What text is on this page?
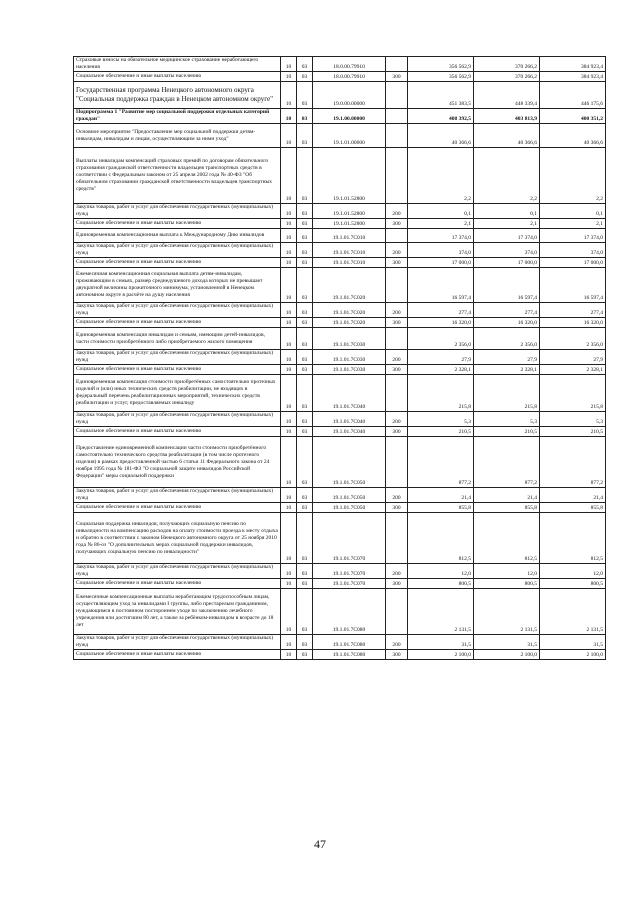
Страховые взносы на обязательное медицинское страхование неработающего населения	10	03	18.0.00.79910		356 562,9	370 266,2	384 923,4
Социальное обеспечение и иные выплаты населению	10	03	18.0.00.79910	300	356 562,9	370 266,2	384 923,4
Государственная программа Ненецкого автономного округа "Социальная поддержка граждан в Ненецком автономном округе"	10	03	19.0.00.00000		451 383,5	448 339,4	446 175,6
Подпрограмма 1 "Развитие мер социальной поддержки отдельных категорий граждан"	10	03	19.1.00.00000		408 392,5	403 813,9	400 351,2
Основное мероприятие "Предоставление мер социальной поддержки детям-инвалидам, инвалидам и лицам, осуществляющим за ними уход"	10	03	19.1.01.00000		40 366,6	40 366,6	40 366,6
Выплаты инвалидам компенсаций страховых премий по договорам обязательного страхования гражданской ответственности владельцев транспортных средств в соответствии с Федеральным законом от 25 апреля 2002 года № 40-ФЗ "Об обязательном страховании гражданской ответственности владельцев транспортных средств"	10	03	19.1.01.52800		2,2	2,2	2,2
Закупка товаров, работ и услуг для обеспечения государственных (муниципальных) нужд	10	03	19.1.01.52800	200	0,1	0,1	0,1
Социальное обеспечение и иные выплаты населению	10	03	19.1.01.52800	300	2,1	2,1	2,1
Единовременная компенсационная выплата к Международному Дню инвалидов	10	03	19.1.01.7C010		17 374,0	17 374,0	17 374,0
Закупка товаров, работ и услуг для обеспечения государственных (муниципальных) нужд	10	03	19.1.01.7C010	200	374,0	374,0	374,0
Социальное обеспечение и иные выплаты населению	10	03	19.1.01.7C010	300	17 000,0	17 000,0	17 000,0
Ежемесячная компенсационная социальная выплата детям-инвалидам, проживающим в семьях, размер среднедушевого дохода которых не превышает двукратной величины прожиточного минимума, установленной в Ненецком автономном округе в расчёте на душу населения	10	03	19.1.01.7C020		16 597,4	16 597,4	16 597,4
Закупка товаров, работ и услуг для обеспечения государственных (муниципальных) нужд	10	03	19.1.01.7C020	200	277,4	277,4	277,4
Социальное обеспечение и иные выплаты населению	10	03	19.1.01.7C020	300	16 320,0	16 320,0	16 320,0
Единовременная компенсация инвалидам и семьям, имеющим детей-инвалидов, части стоимости приобретённого либо приобретаемого жилого помещения	10	03	19.1.01.7C030		2 356,0	2 356,0	2 356,0
Закупка товаров, работ и услуг для обеспечения государственных (муниципальных) нужд	10	03	19.1.01.7C030	200	27,9	27,9	27,9
Социальное обеспечение и иные выплаты населению	10	03	19.1.01.7C030	300	2 328,1	2 328,1	2 328,1
Единовременная компенсация стоимости приобретённых самостоятельно протезных изделий и (или) иных технических средств реабилитации, не входящих в федеральный перечень реабилитационных мероприятий, технических средств реабилитации и услуг, предоставляемых инвалиду	10	03	19.1.01.7C040		215,8	215,8	215,8
Закупка товаров, работ и услуг для обеспечения государственных (муниципальных) нужд	10	03	19.1.01.7C040	200	5,3	5,3	5,3
Социальное обеспечение и иные выплаты населению	10	03	19.1.01.7C040	300	210,5	210,5	210,5
Предоставление единовременной компенсации части стоимости приобретённого самостоятельно технического средства реабилитации (в том числе протезного изделия) в рамках предоставленной частью 6 статьи 11 Федерального закона от 24 ноября 1995 года № 181-ФЗ "О социальной защите инвалидов Российской Федерации" меры социальной поддержки	10	03	19.1.01.7C050		877,2	877,2	877,2
Закупка товаров, работ и услуг для обеспечения государственных (муниципальных) нужд	10	03	19.1.01.7C050	200	21,4	21,4	21,4
Социальное обеспечение и иные выплаты населению	10	03	19.1.01.7C050	300	855,8	855,8	855,8
Социальная поддержка инвалидов, получающих социальную пенсию по инвалидности на компенсацию расходов на оплату стоимости проезда к месту отдыха и обратно в соответствии с законом Ненецкого автономного округа от 25 ноября 2010 года № 86-оз "О дополнительных мерах социальной поддержки инвалидов, получающих социальную пенсию по инвалидности"	10	03	19.1.01.7C070		812,5	812,5	812,5
Закупка товаров, работ и услуг для обеспечения государственных (муниципальных) нужд	10	03	19.1.01.7C070	200	12,0	12,0	12,0
Социальное обеспечение и иные выплаты населению	10	03	19.1.01.7C070	300	800,5	800,5	800,5
Ежемесячные компенсационные выплаты неработающим трудоспособным лицам, осуществляющим уход за инвалидами I группы, либо престарелым гражданином, нуждающимся в постоянном постороннем уходе по заключению лечебного учреждения или достигшим 80 лет, а также за ребёнком-инвалидом в возрасте до 18 лет	10	03	19.1.01.7C080		2 131,5	2 131,5	2 131,5
Закупка товаров, работ и услуг для обеспечения государственных (муниципальных) нужд	10	03	19.1.01.7C080	200	31,5	31,5	31,5
Социальное обеспечение и иные выплаты населению	10	03	19.1.01.7C080	300	2 100,0	2 100,0	2 100,0
47
